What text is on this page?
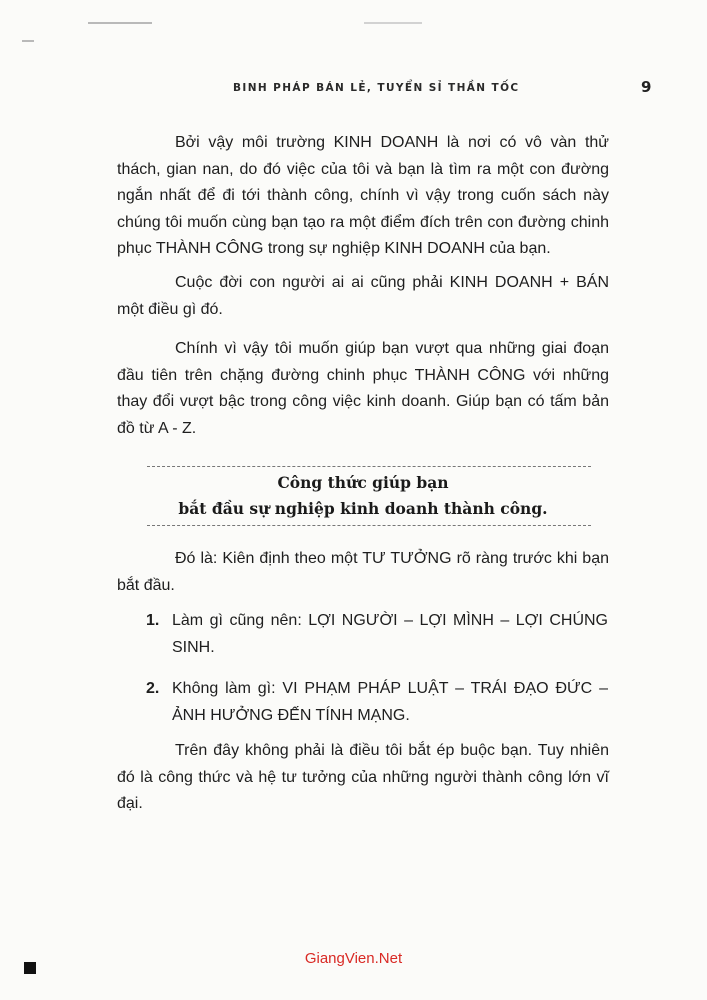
BINH PHÁP BÁN LẺ, TUYỂN SỈ THẦN TỐC	9

Bởi vậy môi trường KINH DOANH là nơi có vô vàn thử thách, gian nan, do đó việc của tôi và bạn là tìm ra một con đường ngắn nhất để đi tới thành công, chính vì vậy trong cuốn sách này chúng tôi muốn cùng bạn tạo ra một điểm đích trên con đường chinh phục THÀNH CÔNG trong sự nghiệp KINH DOANH của bạn.

Cuộc đời con người ai ai cũng phải KINH DOANH + BÁN một điều gì đó.

Chính vì vậy tôi muốn giúp bạn vượt qua những giai đoạn đầu tiên trên chặng đường chinh phục THÀNH CÔNG với những thay đổi vượt bậc trong công việc kinh doanh. Giúp bạn có tấm bản đồ từ A - Z.

Công thức giúp bạn
bắt đầu sự nghiệp kinh doanh thành công.

Đó là: Kiên định theo một TƯ TƯỞNG rõ ràng trước khi bạn bắt đầu.

1. Làm gì cũng nên: LỢI NGƯỜI – LỢI MÌNH – LỢI CHÚNG SINH.

2. Không làm gì: VI PHẠM PHÁP LUẬT – TRÁI ĐẠO ĐỨC – ẢNH HƯỞNG ĐẾN TÍNH MẠNG.

Trên đây không phải là điều tôi bắt ép buộc bạn. Tuy nhiên đó là công thức và hệ tư tưởng của những người thành công lớn vĩ đại.

GiangVien.Net
